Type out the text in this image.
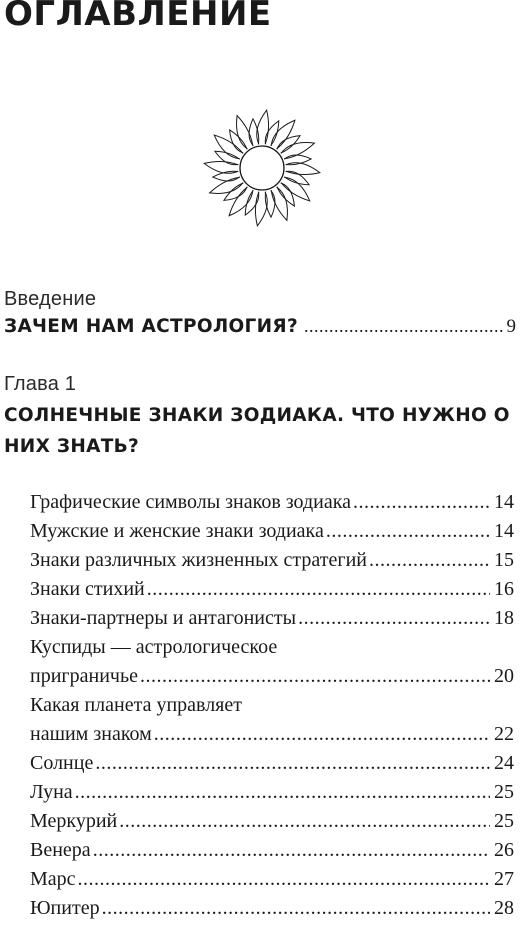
ОГЛАВЛЕНИЕ
Введение
ЗАЧЕМ НАМ АСТРОЛОГИЯ? .....	9
Глава 1
СОЛНЕЧНЫЕ ЗНАКИ ЗОДИАКА. ЧТО НУЖНО О НИХ ЗНАТЬ?
Графические символы знаков зодиака .....	14
Мужские и женские знаки зодиака .....	14
Знаки различных жизненных стратегий .....	15
Знаки стихий .....	16
Знаки-партнеры и антагонисты .....	18
Куспиды — астрологическое
приграничье .....	20
Какая планета управляет
нашим знаком .....	22
Солнце .....	24
Луна .....	25
Меркурий .....	25
Венера .....	26
Марс .....	27
Юпитер .....	28
